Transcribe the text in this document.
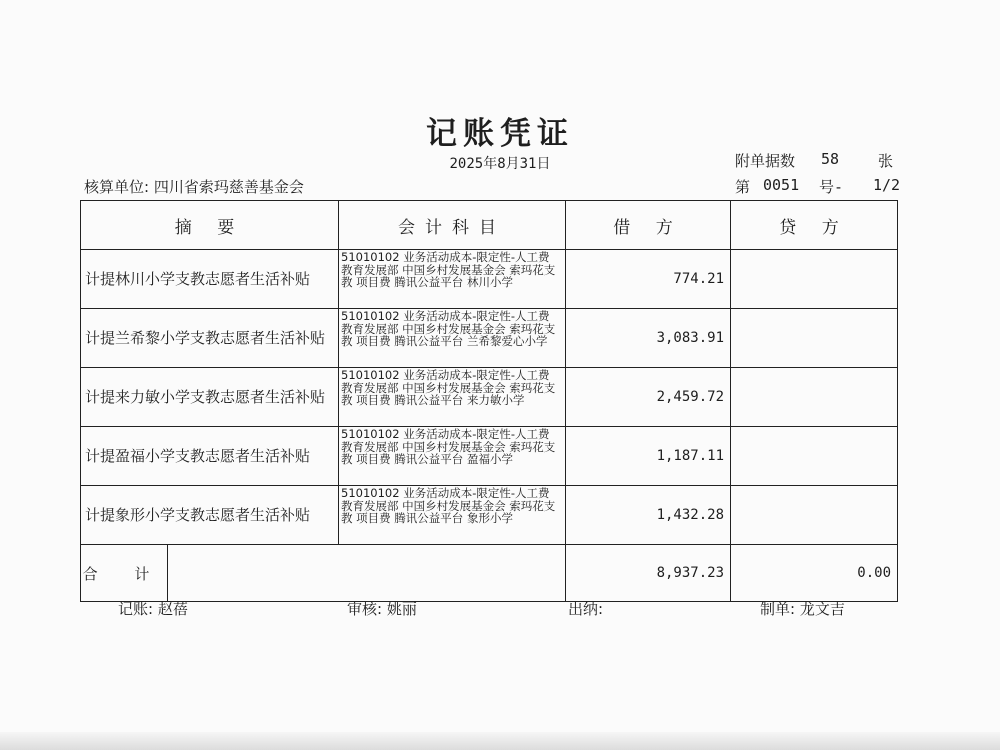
记账凭证
2025年8月31日	附单据数 58	张
核算单位: 四川省索玛慈善基金会	第 0051 号- 1/2
摘 要		会计科目	借 方	贷 方
计提林川小学支教志愿者生活补贴		51010102 业务活动成本-限定性-人工费 教育发展部 中国乡村发展基金会 索玛花支教 项目费 腾讯公益平台 林川小学	774.21	
计提兰希黎小学支教志愿者生活补贴		51010102 业务活动成本-限定性-人工费 教育发展部 中国乡村发展基金会 索玛花支教 项目费 腾讯公益平台 兰希黎爱心小学	3,083.91	
计提来力敏小学支教志愿者生活补贴		51010102 业务活动成本-限定性-人工费 教育发展部 中国乡村发展基金会 索玛花支教 项目费 腾讯公益平台 来力敏小学	2,459.72	
计提盈福小学支教志愿者生活补贴		51010102 业务活动成本-限定性-人工费 教育发展部 中国乡村发展基金会 索玛花支教 项目费 腾讯公益平台 盈福小学	1,187.11	
计提象形小学支教志愿者生活补贴		51010102 业务活动成本-限定性-人工费 教育发展部 中国乡村发展基金会 索玛花支教 项目费 腾讯公益平台 象形小学	1,432.28	
合 计			8,937.23	0.00
记账: 赵蓓	审核: 姚丽	出纳:	制单: 龙文吉
